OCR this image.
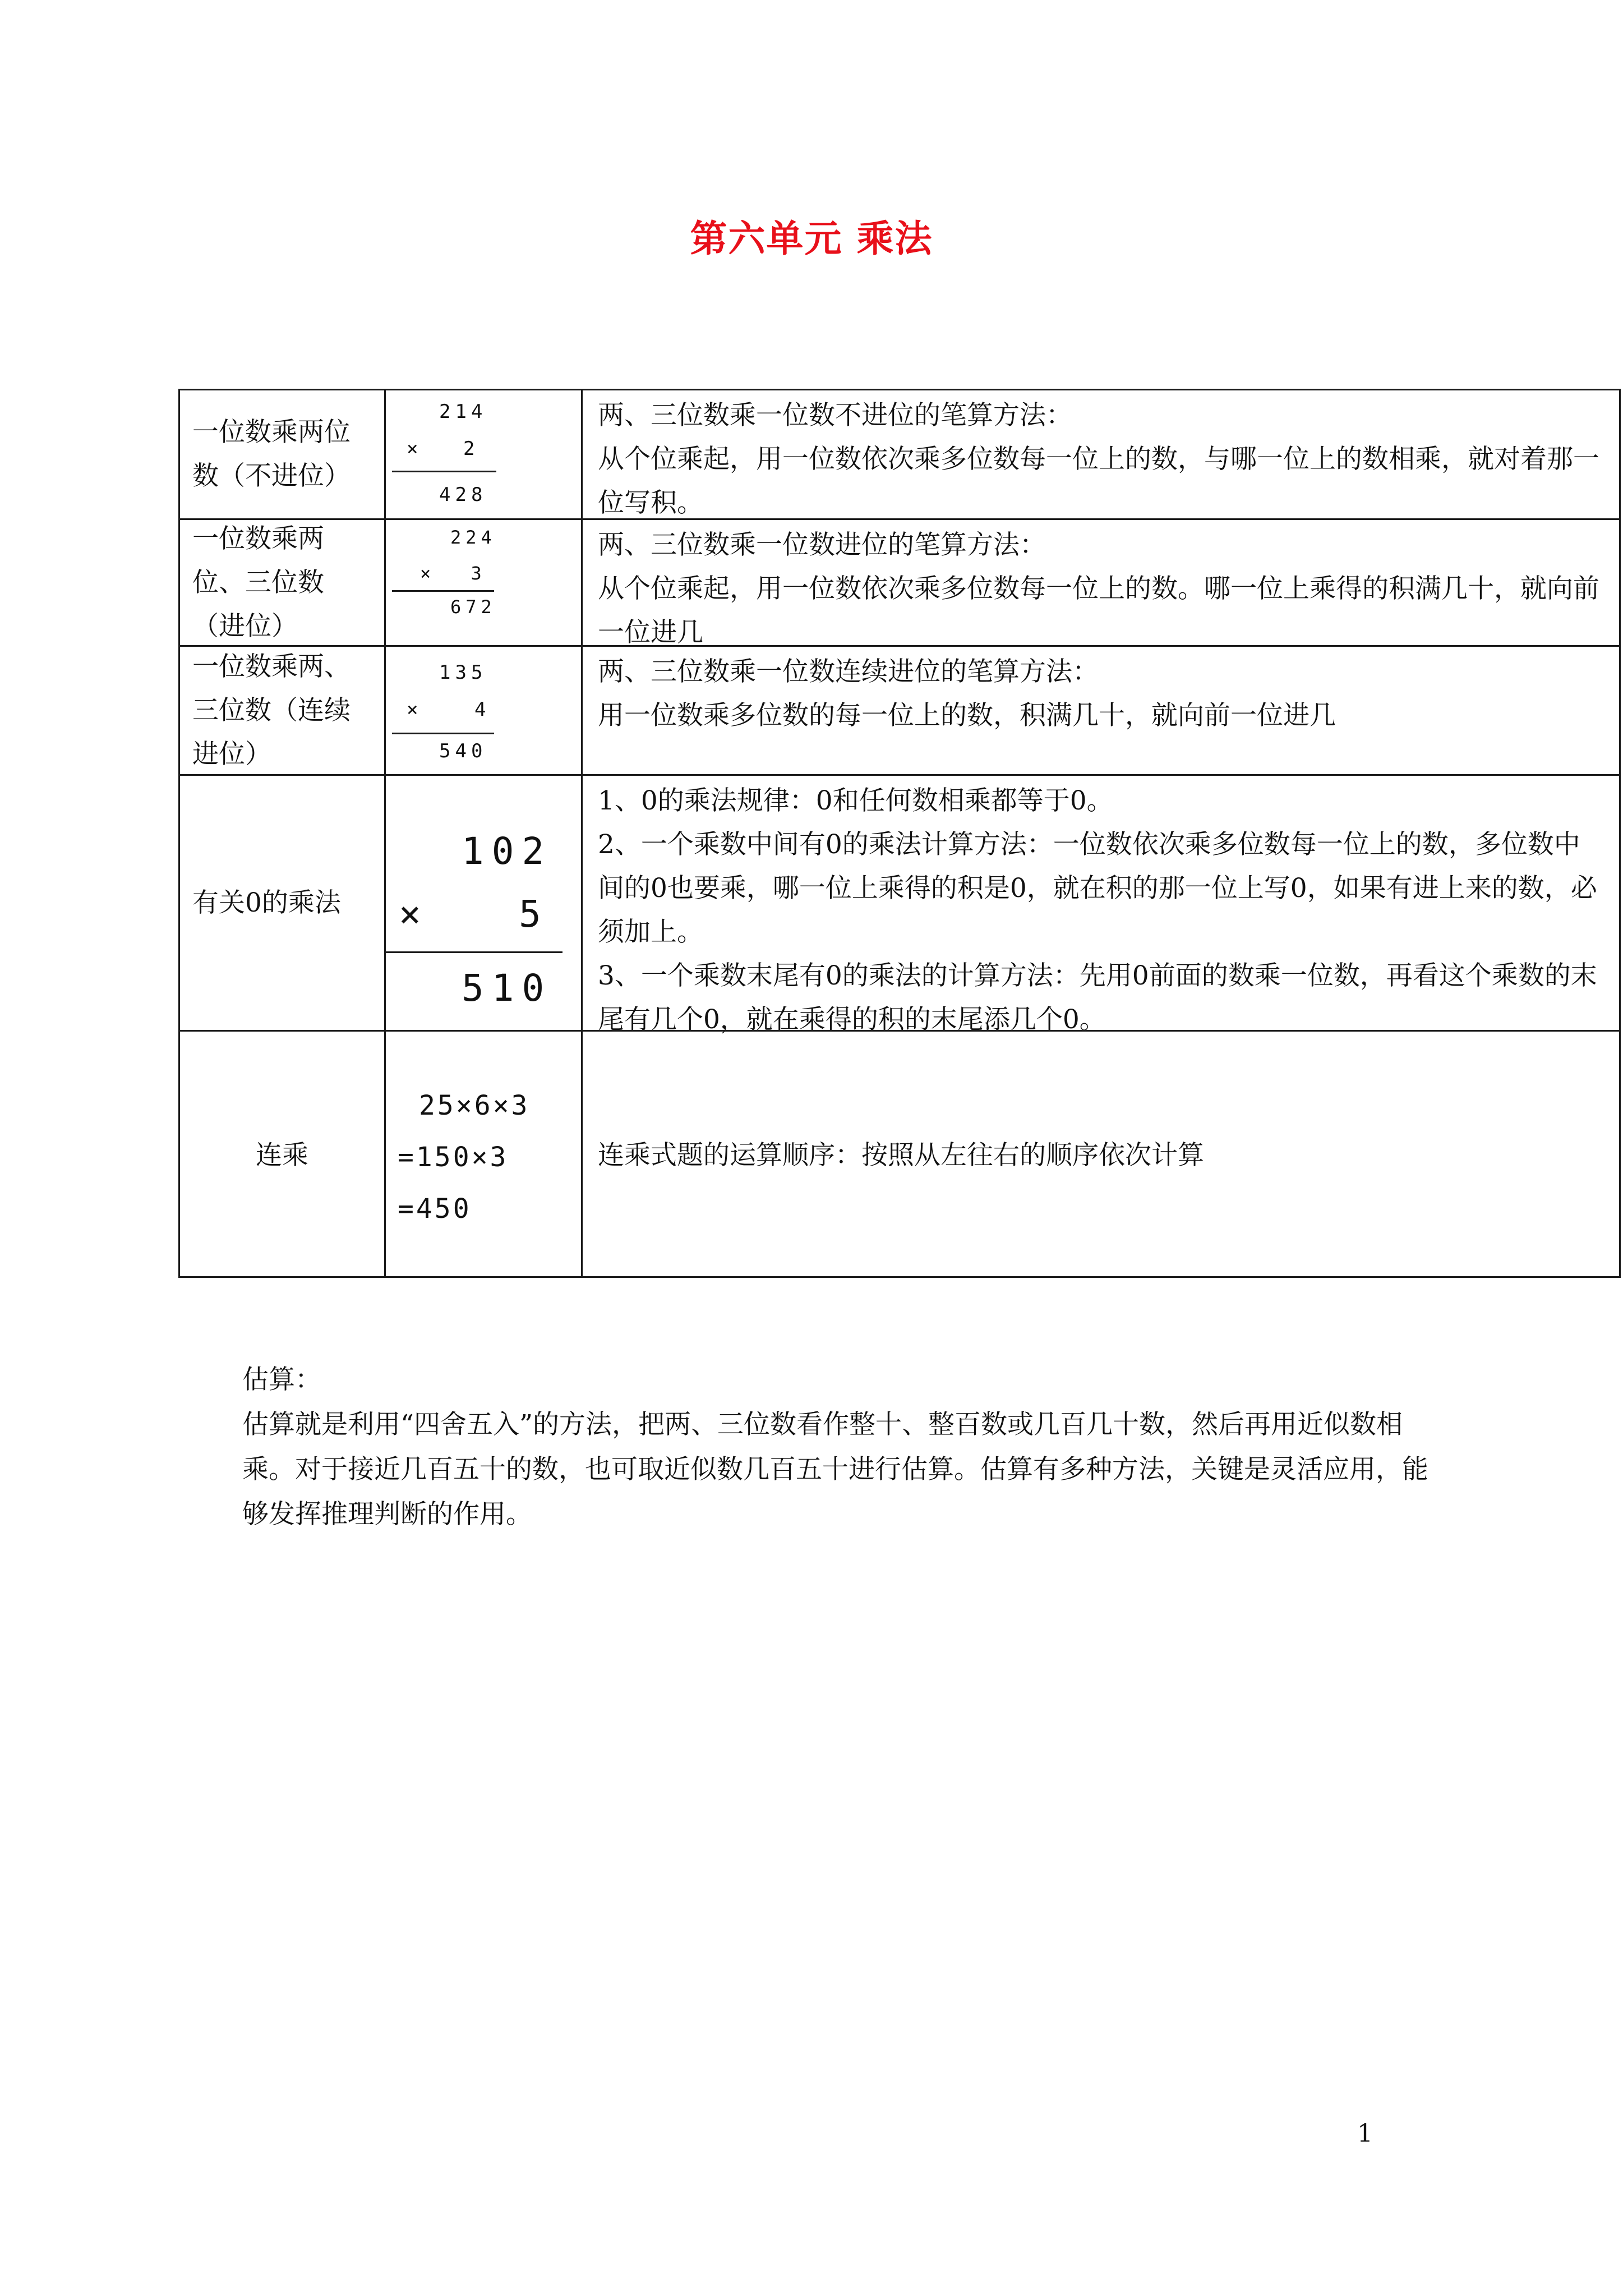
第六单元 乘法
一位数乘两位数（不进位）
214
× 2
428
两、三位数乘一位数不进位的笔算方法：
从个位乘起，用一位数依次乘多位数每一位上的数，与哪一位上的数相乘，就对着那一位写积。
一位数乘两位、三位数（进位）
224
× 3
672
两、三位数乘一位数进位的笔算方法：
从个位乘起，用一位数依次乘多位数每一位上的数。哪一位上乘得的积满几十，就向前一位进几
一位数乘两、三位数（连续进位）
135
× 4
540
两、三位数乘一位数连续进位的笔算方法：
用一位数乘多位数的每一位上的数，积满几十，就向前一位进几
有关0的乘法
102
×	5
510
1、0的乘法规律：0和任何数相乘都等于0。
2、一个乘数中间有0的乘法计算方法：一位数依次乘多位数每一位上的数，多位数中间的0也要乘，哪一位上乘得的积是0，就在积的那一位上写0，如果有进上来的数，必须加上。
3、一个乘数末尾有0的乘法的计算方法：先用0前面的数乘一位数，再看这个乘数的末尾有几个0，就在乘得的积的末尾添几个0。
连乘
25×6×3
=150×3
=450
连乘式题的运算顺序：按照从左往右的顺序依次计算
估算：
估算就是利用“四舍五入”的方法，把两、三位数看作整十、整百数或几百几十数，然后再用近似数相乘。对于接近几百五十的数，也可取近似数几百五十进行估算。估算有多种方法，关键是灵活应用，能够发挥推理判断的作用。
1
